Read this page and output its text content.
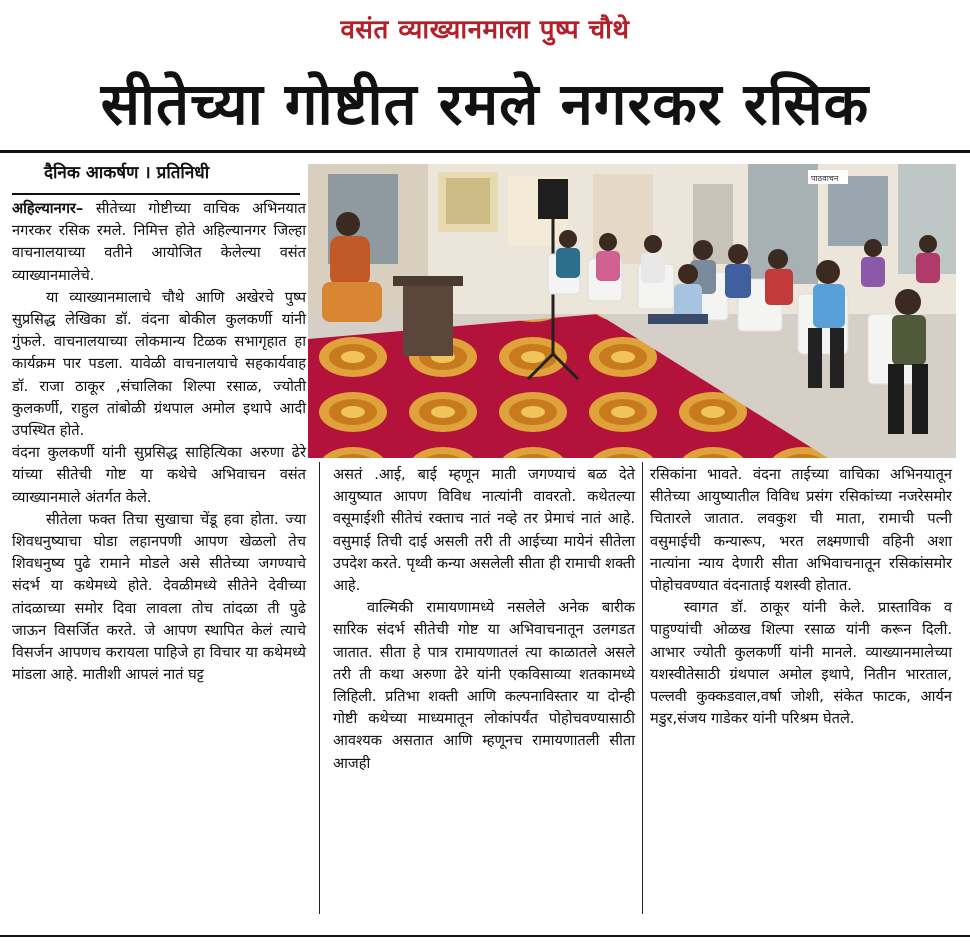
वसंत व्याख्यानमाला पुष्प चौथे
सीतेच्या गोष्टीत रमले नगरकर रसिक
दैनिक आकर्षण । प्रतिनिधी	पाठवाचन

अहिल्यानगर– सीतेच्या गोष्टीच्या वाचिक अभिनयात नगरकर रसिक रमले. निमित्त होते अहिल्यानगर जिल्हा वाचनालयाच्या वतीने आयोजित केलेल्या वसंत व्याख्यानमालेचे.

या व्याख्यानमालाचे चौथे आणि अखेरचे पुष्प सुप्रसिद्ध लेखिका डॉ. वंदना बोकील कुलकर्णी यांनी गुंफले. वाचनालयाच्या लोकमान्य टिळक सभागृहात हा कार्यक्रम पार पडला. यावेळी वाचनालयाचे सहकार्यवाह डॉ. राजा ठाकूर ,संचालिका शिल्पा रसाळ, ज्योती कुलकर्णी, राहुल तांबोळी ग्रंथपाल अमोल इथापे आदी उपस्थित होते.

वंदना कुलकर्णी यांनी सुप्रसिद्ध साहित्यिका अरुणा ढेरे यांच्या सीतेची गोष्ट या कथेचे अभिवाचन वसंत व्याख्यानमाले अंतर्गत केले.

सीतेला फक्त तिचा सुखाचा चेंडू हवा होता. ज्या शिवधनुष्याचा घोडा लहानपणी आपण खेळलो तेच शिवधनुष्य पुढे रामाने मोडले असे सीतेच्या जगण्याचे संदर्भ या कथेमध्ये होते. देवळीमध्ये सीतेने देवीच्या तांदळाच्या समोर दिवा लावला तोच तांदळा ती पुढे जाऊन विसर्जित करते. जे आपण स्थापित केलं त्याचे विसर्जन आपणच करायला पाहिजे हा विचार या कथेमध्ये मांडला आहे. मातीशी आपलं नातं घट्ट

असतं .आई, बाई म्हणून माती जगण्याचं बळ देते आयुष्यात आपण विविध नात्यांनी वावरतो. कथेतल्या वसूमाईशी सीतेचं रक्ताच नातं नव्हे तर प्रेमाचं नातं आहे. वसुमाई तिची दाई असली तरी ती आईच्या मायेनं सीतेला उपदेश करते. पृथ्वी कन्या असलेली सीता ही रामाची शक्ती आहे.

वाल्मिकी रामायणामध्ये नसलेले अनेक बारीक सारिक संदर्भ सीतेची गोष्ट या अभिवाचनातून उलगडत जातात. सीता हे पात्र रामायणातलं त्या काळातले असले तरी ती कथा अरुणा ढेरे यांनी एकविसाव्या शतकामध्ये लिहिली. प्रतिभा शक्ती आणि कल्पनाविस्तार या दोन्ही गोष्टी कथेच्या माध्यमातून लोकांपर्यंत पोहोचवण्यासाठी आवश्यक असतात आणि म्हणूनच रामायणातली सीता आजही

रसिकांना भावते. वंदना ताईच्या वाचिका अभिनयातून सीतेच्या आयुष्यातील विविध प्रसंग रसिकांच्या नजरेसमोर चितारले जातात. लवकुश ची माता, रामाची पत्नी वसुमाईची कन्यारूप, भरत लक्ष्मणाची वहिनी अशा नात्यांना न्याय देणारी सीता अभिवाचनातून रसिकांसमोर पोहोचवण्यात वंदनाताई यशस्वी होतात.

स्वागत डॉ. ठाकूर यांनी केले. प्रास्ताविक व पाहुण्यांची ओळख शिल्पा रसाळ यांनी करून दिली. आभार ज्योती कुलकर्णी यांनी मानले. व्याख्यानमालेच्या यशस्वीतेसाठी ग्रंथपाल अमोल इथापे, नितीन भारताल, पल्लवी कुक्कडवाल,वर्षा जोशी, संकेत फाटक, आर्यन मडुर,संजय गाडेकर यांनी परिश्रम घेतले.
